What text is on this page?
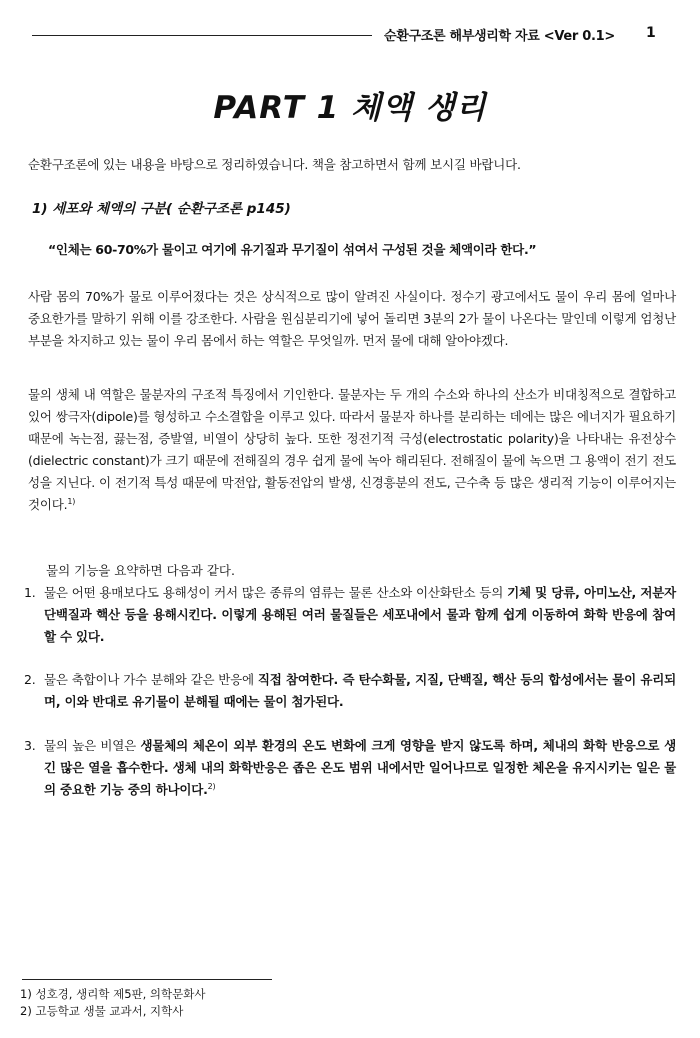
순환구조론 해부생리학 자료 <Ver 0.1>	1
PART 1 체액 생리
순환구조론에 있는 내용을 바탕으로 정리하였습니다. 책을 참고하면서 함께 보시길 바랍니다.
1) 세포와 체액의 구분( 순환구조론 p145)
“인체는 60-70%가 물이고 여기에 유기질과 무기질이 섞여서 구성된 것을 체액이라 한다.”
사람 몸의 70%가 물로 이루어졌다는 것은 상식적으로 많이 알려진 사실이다. 정수기 광고에서도 물이 우리 몸에 얼마나 중요한가를 말하기 위해 이를 강조한다. 사람을 원심분리기에 넣어 돌리면 3분의 2가 물이 나온다는 말인데 이렇게 엄청난 부분을 차지하고 있는 물이 우리 몸에서 하는 역할은 무엇일까. 먼저 물에 대해 알아야겠다.
물의 생체 내 역할은 물분자의 구조적 특징에서 기인한다. 물분자는 두 개의 수소와 하나의 산소가 비대칭적으로 결합하고 있어 쌍극자(dipole)를 형성하고 수소결합을 이루고 있다. 따라서 물분자 하나를 분리하는 데에는 많은 에너지가 필요하기 때문에 녹는점, 끓는점, 증발열, 비열이 상당히 높다. 또한 정전기적 극성(electrostatic polarity)을 나타내는 유전상수(dielectric constant)가 크기 때문에 전해질의 경우 쉽게 물에 녹아 해리된다. 전해질이 물에 녹으면 그 용액이 전기 전도성을 지닌다. 이 전기적 특성 때문에 막전압, 활동전압의 발생, 신경흥분의 전도, 근수축 등 많은 생리적 기능이 이루어지는 것이다.$^{1)}$
물의 기능을 요약하면 다음과 같다.
1. 물은 어떤 용매보다도 용해성이 커서 많은 종류의 염류는 물론 산소와 이산화탄소 등의 기체 및 당류, 아미노산, 저분자 단백질과 핵산 등을 용해시킨다. 이렇게 용해된 여러 물질들은 세포내에서 물과 함께 쉽게 이동하여 화학 반응에 참여할 수 있다.
2. 물은 축합이나 가수 분해와 같은 반응에 직접 참여한다. 즉 탄수화물, 지질, 단백질, 핵산 등의 합성에서는 물이 유리되며, 이와 반대로 유기물이 분해될 때에는 물이 첨가된다.
3. 물의 높은 비열은 생물체의 체온이 외부 환경의 온도 변화에 크게 영향을 받지 않도록 하며, 체내의 화학 반응으로 생긴 많은 열을 흡수한다. 생체 내의 화학반응은 좁은 온도 범위 내에서만 일어나므로 일정한 체온을 유지시키는 일은 물의 중요한 기능 중의 하나이다.$^{2)}$
1) 성호경, 생리학 제5판, 의학문화사
2) 고등학교 생물 교과서, 지학사
